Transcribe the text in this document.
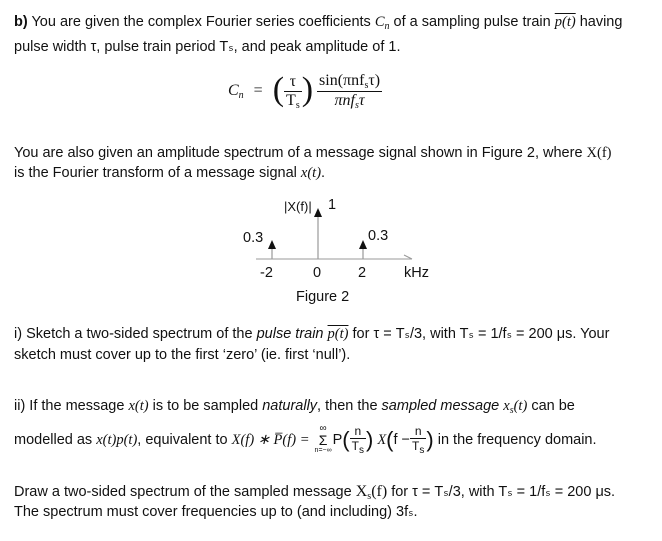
b) You are given the complex Fourier series coefficients $C_n$ of a sampling pulse train p(t) having
pulse width τ, pulse train period Tₛ, and peak amplitude of 1.
$C_n$ = ( $\frac{\tau}{T_s}$ ) $\frac{\sin(\pi nf_s\tau)}{\pi nf_s\tau}$
You are also given an amplitude spectrum of a message signal shown in Figure 2, where X(f)
is the Fourier transform of a message signal x(t).
|X(f)| 1
0.3	0.3
-2	0	2	kHz
Figure 2
i) Sketch a two-sided spectrum of the pulse train p(t) for τ = Tₛ/3, with Tₛ = 1/fₛ = 200 μs. Your
sketch must cover up to the first ‘zero’ (ie. first ‘null’).
ii) If the message x(t) is to be sampled naturally, then the sampled message $x_s(t)$ can be
modelled as x(t)p(t), equivalent to X(f) ∗ P̅(f) =
∞
Σ
n=−∞
$P( \frac{n}{T_s}$ ) $X(f - \frac{n}{T_s}$ ) in the frequency domain.
Draw a two-sided spectrum of the sampled message $X_s(f)$ for τ = Tₛ/3, with Tₛ = 1/fₛ = 200 μs.
The spectrum must cover frequencies up to (and including) 3fₛ.
